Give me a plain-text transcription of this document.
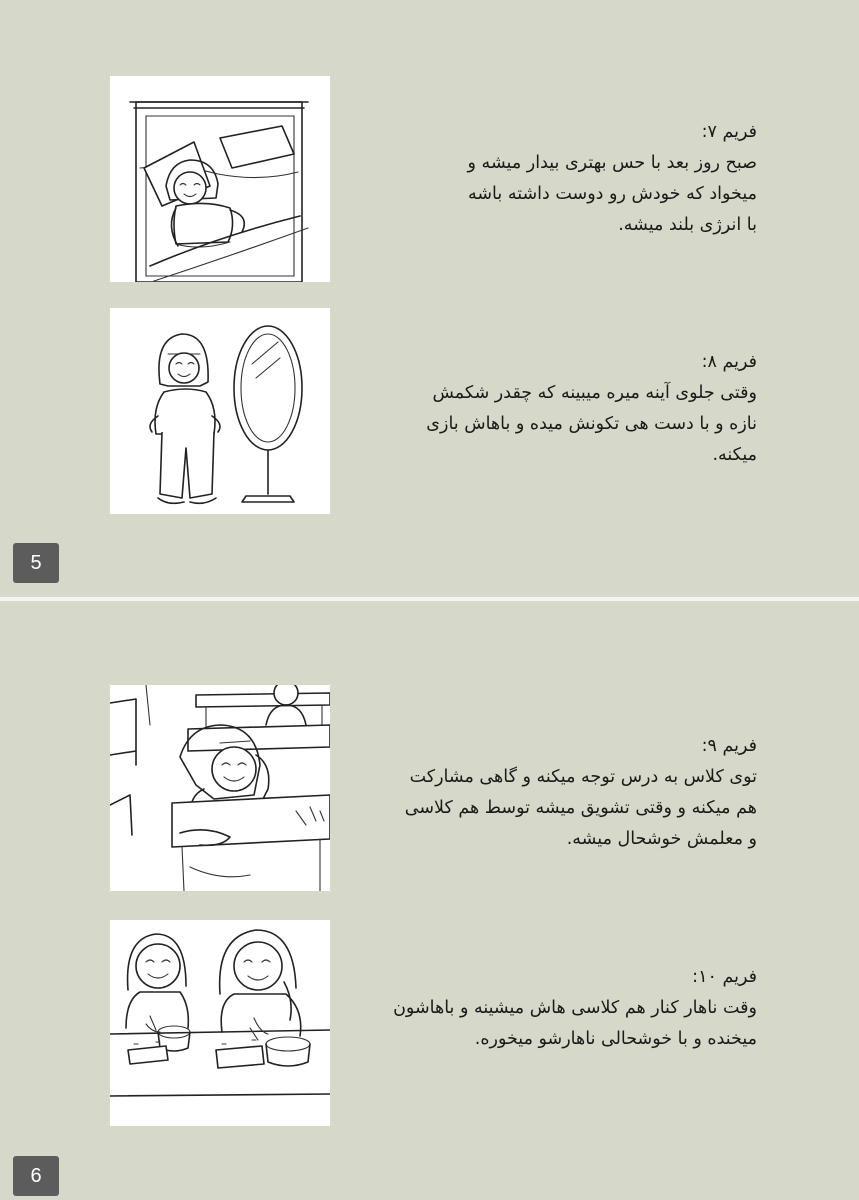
فریم ۷:
صبح روز بعد با حس بهتری بیدار میشه و
میخواد که خودش رو دوست داشته باشه
با انرژی بلند میشه.
فریم ۸:
وقتی جلوی آینه میره میبینه که چقدر شکمش
نازه و با دست هی تکونش میده و باهاش بازی
میکنه.
5
فریم ۹:
توی کلاس به درس توجه میکنه و گاهی مشارکت
هم میکنه و وقتی تشویق میشه توسط هم کلاسی
و معلمش خوشحال میشه.
فریم ۱۰:
وقت ناهار کنار هم کلاسی هاش میشینه و باهاشون
میخنده و با خوشحالی ناهارشو میخوره.
6
